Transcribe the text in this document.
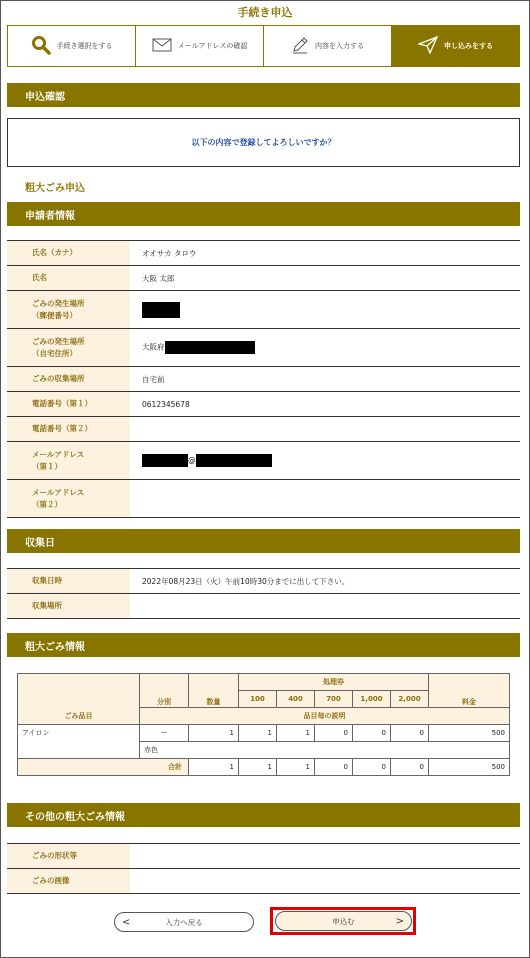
手続き申込
手続き選択をする	メールアドレスの確認	内容を入力する	申し込みをする
申込確認
以下の内容で登録してよろしいですか？
粗大ごみ申込
申請者情報
氏名（カナ）	オオサカ タロウ
氏名	大阪 太郎
ごみの発生場所
（郵便番号）	
ごみの発生場所
（自宅住所）	大阪府
ごみの収集場所	自宅前
電話番号（第１）	0612345678
電話番号（第２）	
メールアドレス
（第１）	@
メールアドレス
（第２）	
収集日
収集日時	2022年08月23日（火）午前10時30分までに出して下さい。
収集場所	
粗大ごみ情報
ごみ品目	分別	数量	処理券					料金
			100	400	700	1,000	2,000	
	品目毎の説明							
アイロン	ー	1	1	1	0	0	0	500
	赤色							
合計		1	1	1	0	0	0	500
その他の粗大ごみ情報
ごみの形状等	
ごみの画像	
<	入力へ戻る	申込む	>
